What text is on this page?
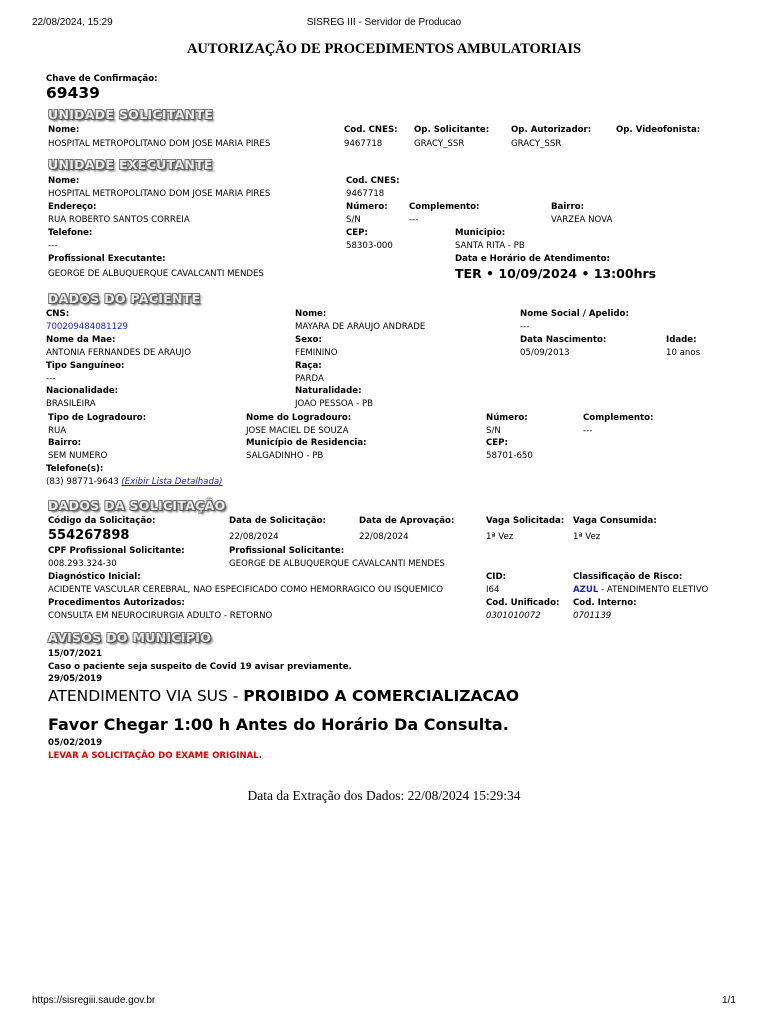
22/08/2024, 15:29	SISREG III - Servidor de Producao
AUTORIZAÇÃO DE PROCEDIMENTOS AMBULATORIAIS
Chave de Confirmação:
69439
UNIDADE SOLICITANTE
Nome:
HOSPITAL METROPOLITANO DOM JOSE MARIA PIRES
Cod. CNES:
9467718
Op. Solicitante:
GRACY_SSR
Op. Autorizador:
GRACY_SSR
Op. Videofonista:
UNIDADE EXECUTANTE
Nome:
HOSPITAL METROPOLITANO DOM JOSE MARIA PIRES
Cod. CNES:
9467718
Endereço:
RUA ROBERTO SANTOS CORREIA
Número:
S/N
Complemento:
---
Bairro:
VARZEA NOVA
Telefone:
---
CEP:
58303-000
Municipio:
SANTA RITA - PB
Profissional Executante:
GEORGE DE ALBUQUERQUE CAVALCANTI MENDES
Data e Horário de Atendimento:
TER • 10/09/2024 • 13:00hrs
DADOS DO PACIENTE
CNS:
700209484081129
Nome:
MAYARA DE ARAUJO ANDRADE
Nome Social / Apelido:
---
Nome da Mae:
ANTONIA FERNANDES DE ARAUJO
Sexo:
FEMININO
Data Nascimento:
05/09/2013
Idade:
10 anos
Tipo Sanguíneo:
---
Raça:
PARDA
Nacionalidade:
BRASILEIRA
Naturalidade:
JOAO PESSOA - PB
Tipo de Logradouro:
RUA
Nome do Logradouro:
JOSE MACIEL DE SOUZA
Número:
S/N
Complemento:
---
Bairro:
SEM NUMERO
Município de Residencia:
SALGADINHO - PB
CEP:
58701-650
Telefone(s):
(83) 98771-9643 (Exibir Lista Detalhada)
DADOS DA SOLICITAÇÃO
Código da Solicitação:
554267898
Data de Solicitação:
22/08/2024
Data de Aprovação:
22/08/2024
Vaga Solicitada:
1ª Vez
Vaga Consumida:
1ª Vez
CPF Profissional Solicitante:
008.293.324-30
Profissional Solicitante:
GEORGE DE ALBUQUERQUE CAVALCANTI MENDES
Diagnóstico Inicial:
ACIDENTE VASCULAR CEREBRAL, NAO ESPECIFICADO COMO HEMORRAGICO OU ISQUEMICO
CID:
I64
Classificação de Risco:
AZUL - ATENDIMENTO ELETIVO
Procedimentos Autorizados:
CONSULTA EM NEUROCIRURGIA ADULTO - RETORNO
Cod. Unificado:
0301010072
Cod. Interno:
0701139
AVISOS DO MUNICIPIO
15/07/2021
Caso o paciente seja suspeito de Covid 19 avisar previamente.
29/05/2019
ATENDIMENTO VIA SUS - PROIBIDO A COMERCIALIZACAO
Favor Chegar 1:00 h Antes do Horário Da Consulta.
05/02/2019
LEVAR A SOLICITAÇÃO DO EXAME ORIGINAL.
Data da Extração dos Dados: 22/08/2024 15:29:34
https://sisregiii.saude.gov.br	1/1
